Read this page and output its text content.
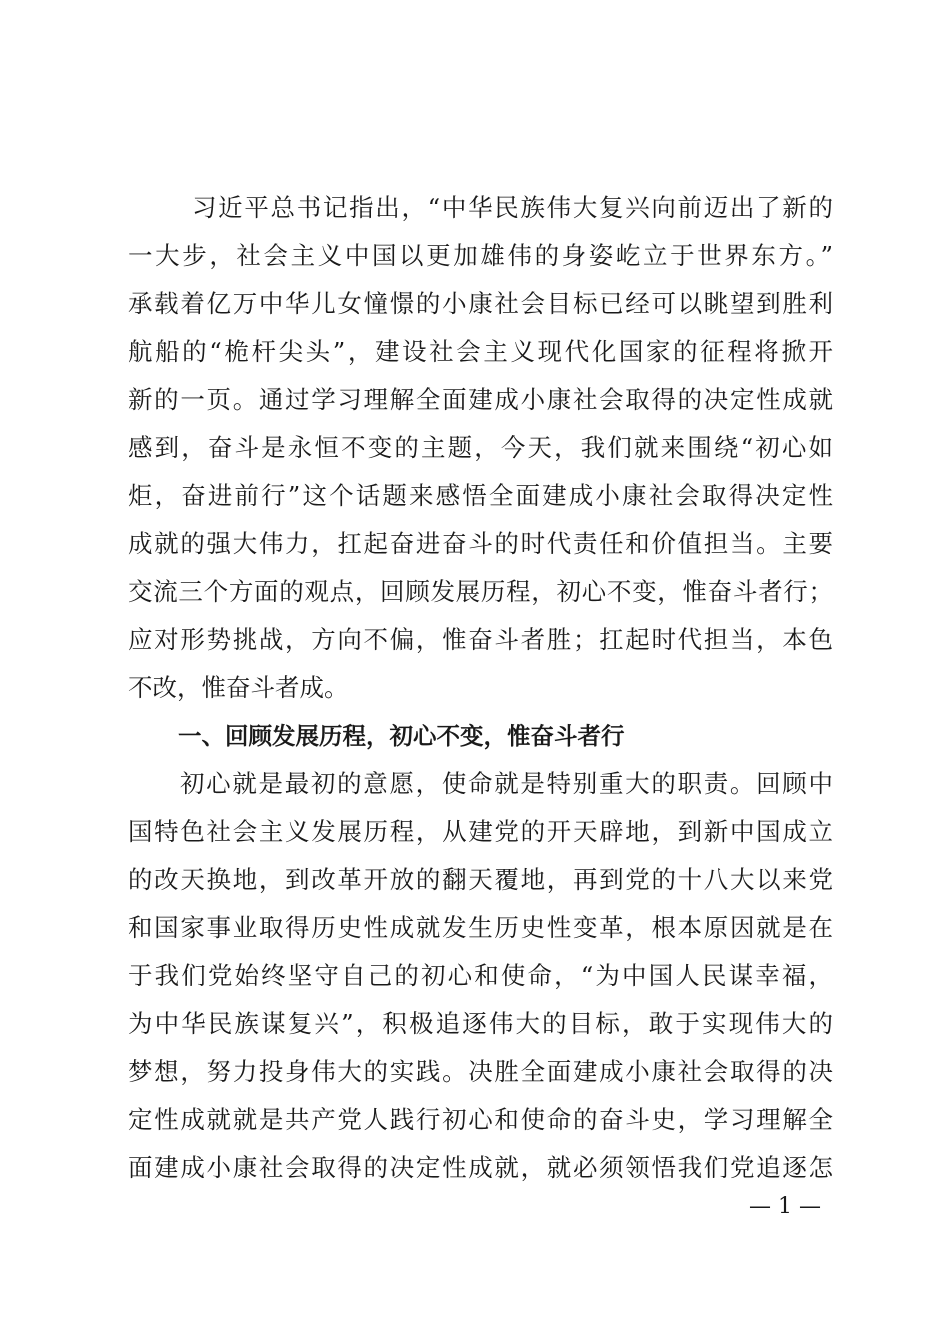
习近平总书记指出，“中华民族伟大复兴向前迈出了新的
一大步，社会主义中国以更加雄伟的身姿屹立于世界东方。”
承载着亿万中华儿女憧憬的小康社会目标已经可以眺望到胜利
航船的“桅杆尖头”，建设社会主义现代化国家的征程将掀开
新的一页。通过学习理解全面建成小康社会取得的决定性成就
感到，奋斗是永恒不变的主题，今天，我们就来围绕“初心如
炬，奋进前行”这个话题来感悟全面建成小康社会取得决定性
成就的强大伟力，扛起奋进奋斗的时代责任和价值担当。主要
交流三个方面的观点，回顾发展历程，初心不变，惟奋斗者行；
应对形势挑战，方向不偏，惟奋斗者胜；扛起时代担当，本色
不改，惟奋斗者成。
一、回顾发展历程，初心不变，惟奋斗者行
初心就是最初的意愿，使命就是特别重大的职责。回顾中
国特色社会主义发展历程，从建党的开天辟地，到新中国成立
的改天换地，到改革开放的翻天覆地，再到党的十八大以来党
和国家事业取得历史性成就发生历史性变革，根本原因就是在
于我们党始终坚守自己的初心和使命，“为中国人民谋幸福，
为中华民族谋复兴”，积极追逐伟大的目标，敢于实现伟大的
梦想，努力投身伟大的实践。决胜全面建成小康社会取得的决
定性成就就是共产党人践行初心和使命的奋斗史，学习理解全
面建成小康社会取得的决定性成就，就必须领悟我们党追逐怎
— 1 —
